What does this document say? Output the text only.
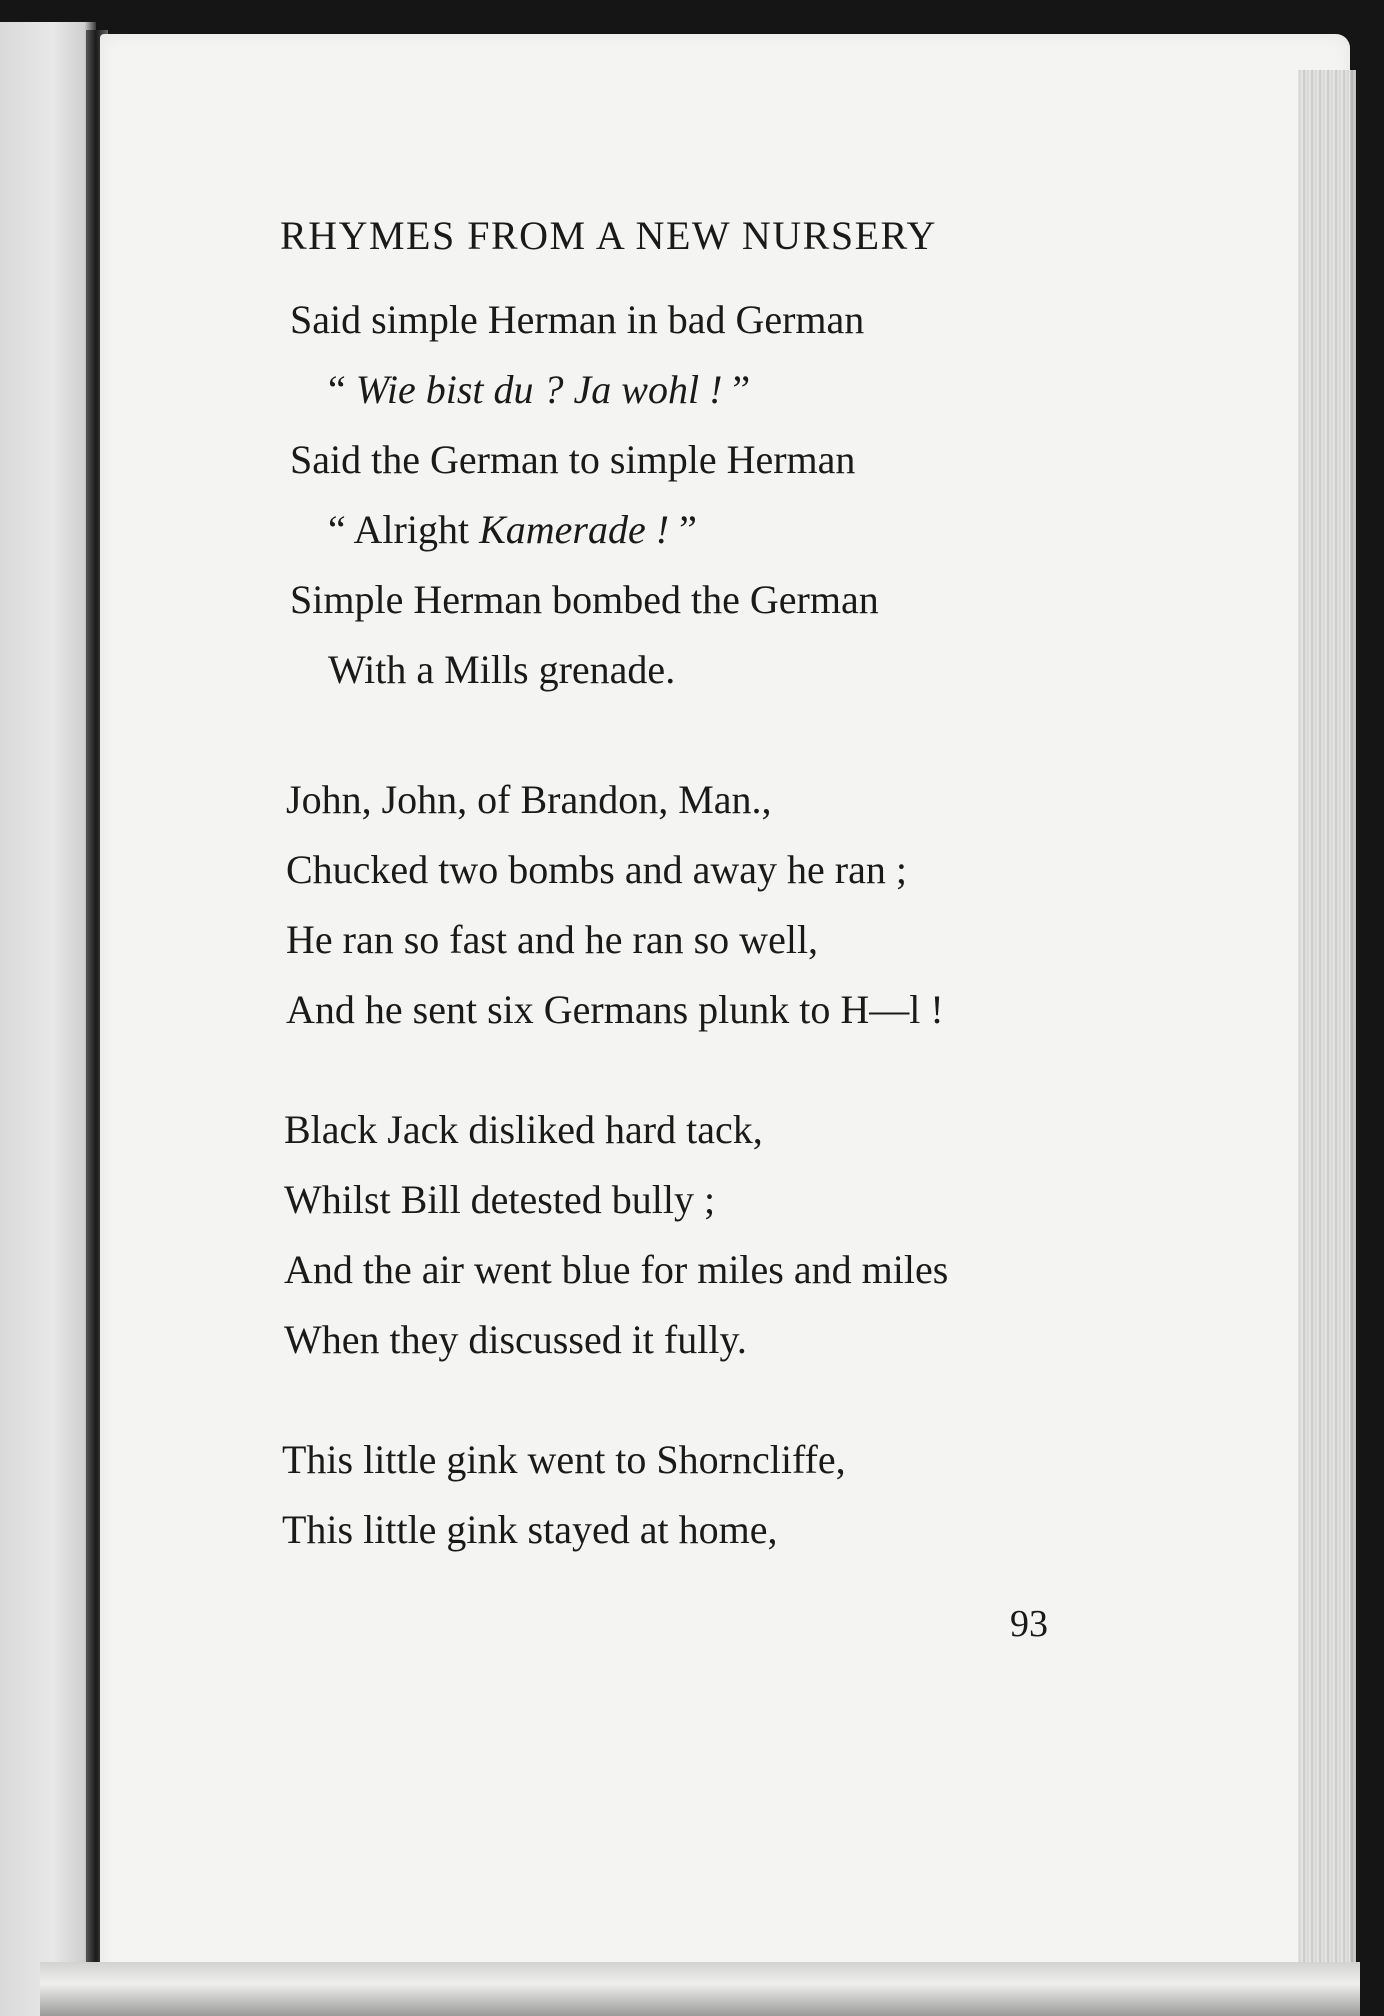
RHYMES FROM A NEW NURSERY
Said simple Herman in bad German
“ Wie bist du ? Ja wohl ! ”
Said the German to simple Herman
“ Alright Kamerade ! ”
Simple Herman bombed the German
With a Mills grenade.
John, John, of Brandon, Man.,
Chucked two bombs and away he ran ;
He ran so fast and he ran so well,
And he sent six Germans plunk to H—l !
Black Jack disliked hard tack,
Whilst Bill detested bully ;
And the air went blue for miles and miles
When they discussed it fully.
This little gink went to Shorncliffe,
This little gink stayed at home,
93
